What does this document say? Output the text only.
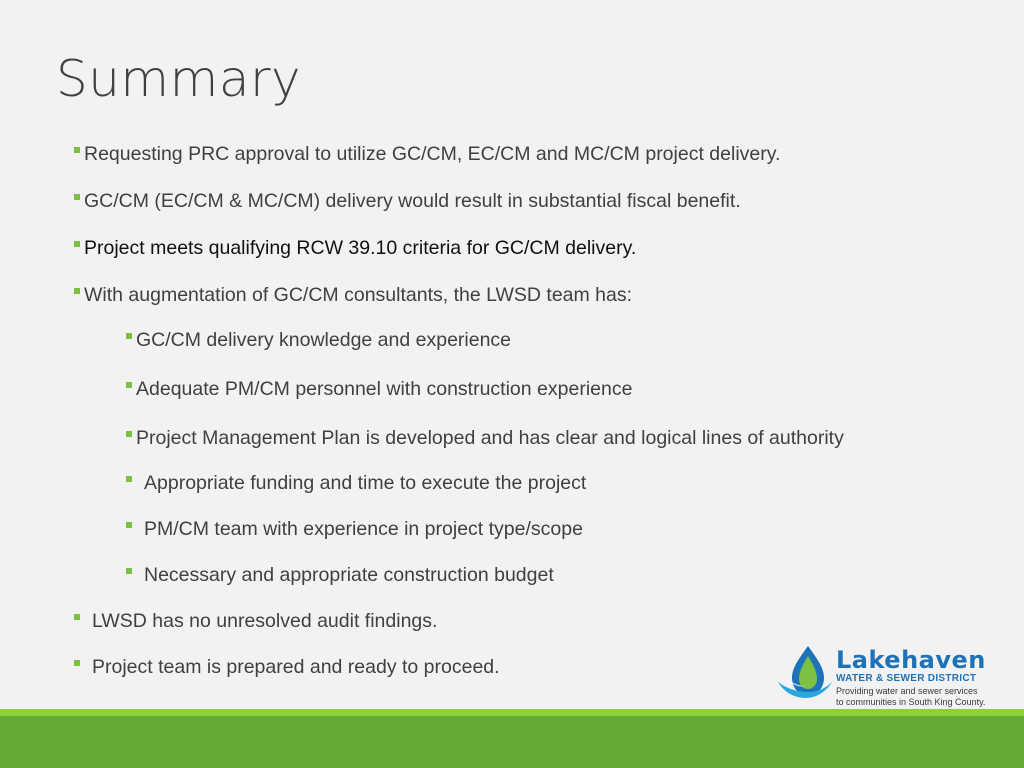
Summary
Requesting PRC approval to utilize GC/CM, EC/CM and MC/CM project delivery.
GC/CM (EC/CM & MC/CM) delivery would result in substantial fiscal benefit.
Project meets qualifying RCW 39.10 criteria for GC/CM delivery.
With augmentation of GC/CM consultants, the LWSD team has:
GC/CM delivery knowledge and experience
Adequate PM/CM personnel with construction experience
Project Management Plan is developed and has clear and logical lines of authority
Appropriate funding and time to execute the project
PM/CM team with experience in project type/scope
Necessary and appropriate construction budget
LWSD has no unresolved audit findings.
Project team is prepared and ready to proceed.	Lakehaven
WATER & SEWER DISTRICT
Providing water and sewer services
to communities in South King County.
